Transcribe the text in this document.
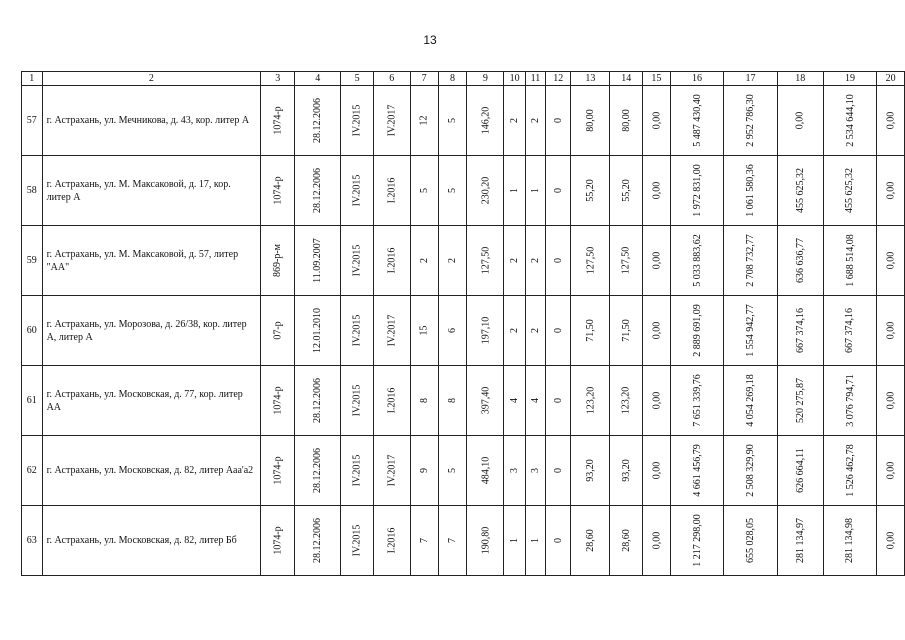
13
1	2	3	4	5	6	7	8	9	10	11	12	13	14	15	16	17	18	19	20
57	г. Астрахань, ул. Мечникова, д. 43, кор. литер А	1074-р	28.12.2006	IV.2015	IV.2017	12	5	146,20	2	2	0	80,00	80,00	0,00	5 487 430,40	2 952 786,30	0,00	2 534 644,10	0,00
58	г. Астрахань, ул. М. Максаковой, д. 17, кор. литер А	1074-р	28.12.2006	IV.2015	I.2016	5	5	230,20	1	1	0	55,20	55,20	0,00	1 972 831,00	1 061 580,36	455 625,32	455 625,32	0,00
59	г. Астрахань, ул. М. Максаковой, д. 57, литер "АА"	869-р-м	11.09.2007	IV.2015	I.2016	2	2	127,50	2	2	0	127,50	127,50	0,00	5 033 883,62	2 708 732,77	636 636,77	1 688 514,08	0,00
60	г. Астрахань, ул. Морозова, д. 26/38, кор. литер А, литер А	07-р	12.01.2010	IV.2015	IV.2017	15	6	197,10	2	2	0	71,50	71,50	0,00	2 889 691,09	1 554 942,77	667 374,16	667 374,16	0,00
61	г. Астрахань, ул. Московская, д. 77, кор. литер АА	1074-р	28.12.2006	IV.2015	I.2016	8	8	397,40	4	4	0	123,20	123,20	0,00	7 651 339,76	4 054 269,18	520 275,87	3 076 794,71	0,00
62	г. Астрахань, ул. Московская, д. 82, литер Ааа'а2	1074-р	28.12.2006	IV.2015	IV.2017	9	5	484,10	3	3	0	93,20	93,20	0,00	4 661 456,79	2 508 329,90	626 664,11	1 526 462,78	0,00
63	г. Астрахань, ул. Московская, д. 82, литер Бб	1074-р	28.12.2006	IV.2015	I.2016	7	7	190,80	1	1	0	28,60	28,60	0,00	1 217 298,00	655 028,05	281 134,97	281 134,98	0,00
